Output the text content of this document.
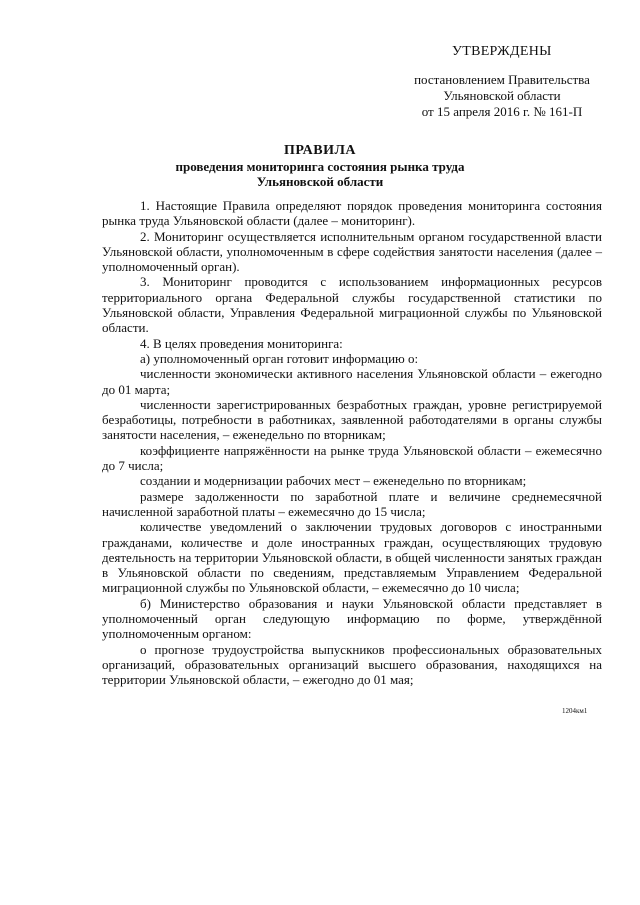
УТВЕРЖДЕНЫ
постановлением Правительства
Ульяновской области
от 15 апреля 2016 г. № 161-П
ПРАВИЛА
проведения мониторинга состояния рынка труда
Ульяновской области

1. Настоящие Правила определяют порядок проведения мониторинга состояния рынка труда Ульяновской области (далее – мониторинг).

2. Мониторинг осуществляется исполнительным органом государственной власти Ульяновской области, уполномоченным в сфере содействия занятости населения (далее – уполномоченный орган).

3. Мониторинг проводится с использованием информационных ресурсов территориального органа Федеральной службы государственной статистики по Ульяновской области, Управления Федеральной миграционной службы по Ульяновской области.

4. В целях проведения мониторинга:

а) уполномоченный орган готовит информацию о:

численности экономически активного населения Ульяновской области – ежегодно до 01 марта;

численности зарегистрированных безработных граждан, уровне регистрируемой безработицы, потребности в работниках, заявленной работодателями в органы службы занятости населения, – еженедельно по вторникам;

коэффициенте напряжённости на рынке труда Ульяновской области – ежемесячно до 7 числа;

создании и модернизации рабочих мест – еженедельно по вторникам;

размере задолженности по заработной плате и величине среднемесячной начисленной заработной платы – ежемесячно до 15 числа;

количестве уведомлений о заключении трудовых договоров с иностранными гражданами, количестве и доле иностранных граждан, осуществляющих трудовую деятельность на территории Ульяновской области, в общей численности занятых граждан в Ульяновской области по сведениям, представляемым Управлением Федеральной миграционной службы по Ульяновской области, – ежемесячно до 10 числа;

б) Министерство образования и науки Ульяновской области представляет в уполномоченный орган следующую информацию по форме, утверждённой уполномоченным органом:

о прогнозе трудоустройства выпускников профессиональных образовательных организаций, образовательных организаций высшего образования, находящихся на территории Ульяновской области, – ежегодно до 01 мая;

1204км1
